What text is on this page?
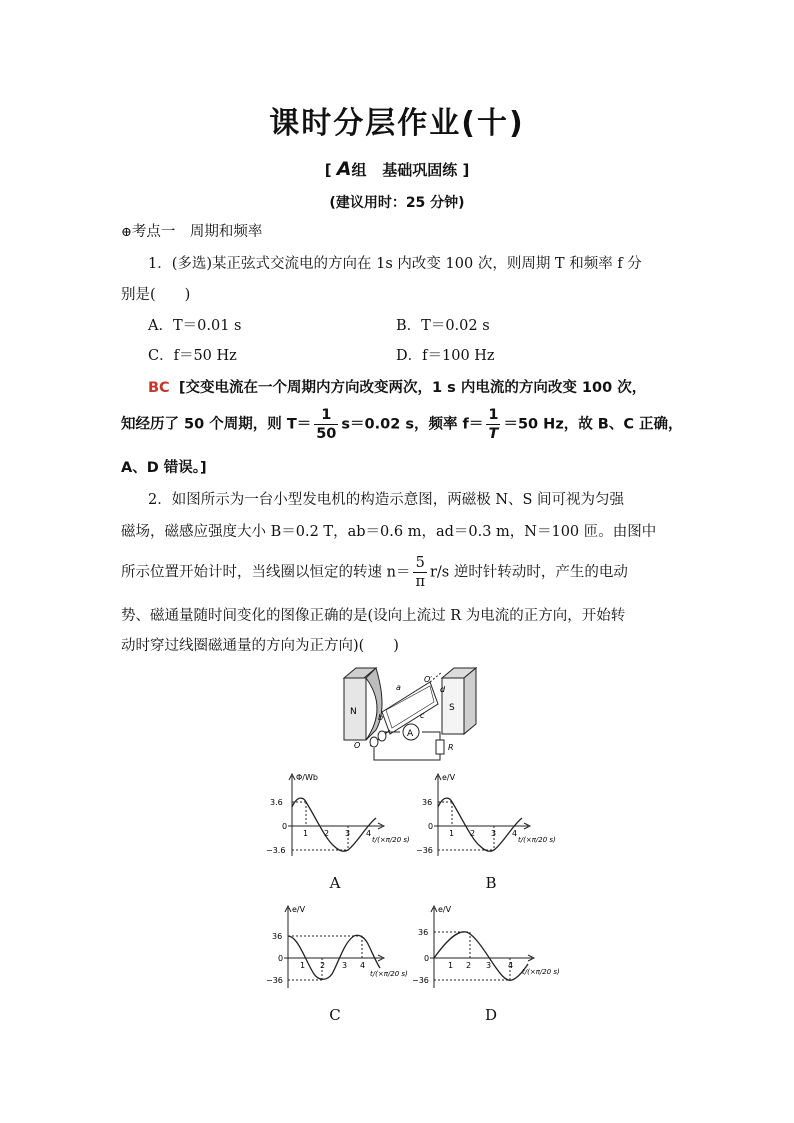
课时分层作业(十)
[ A组 基础巩固练 ]
(建议用时：25 分钟)
⊕考点一　周期和频率
1．(多选)某正弦式交流电的方向在 1s 内改变 100 次，则周期 T 和频率 f 分
别是(　　)
A．T＝0.01 s	B．T＝0.02 s
C．f＝50 Hz	D．f＝100 Hz
BC [交变电流在一个周期内方向改变两次，1 s 内电流的方向改变 100 次，
知经历了 50 个周期，则 $T= \frac{1}{50} s=0.02$ s，频率 $f= \frac{1}{T} =50$ Hz，故 B、C 正确，
A、D 错误。]
2．如图所示为一台小型发电机的构造示意图，两磁极 N、S 间可视为匀强
磁场，磁感应强度大小 B＝0.2 T，ab＝0.6 m，ad＝0.3 m，N＝100 匝。由图中
所示位置开始计时，当线圈以恒定的转速 $n= \frac{5}{\pi} r/s$ 逆时针转动时，产生的电动
势、磁通量随时间变化的图像正确的是(设向上流过 R 为电流的正方向，开始转
动时穿过线圈磁通量的方向为正方向)(　　)
N	S
a
b	c
d
O′
O
A
R
Φ/Wb
3.6
−3.6
0
1 2 3 4
t/(×π/20 s)
A
e/V
36
−36
0
1 2 3 4
t/(×π/20 s)
B
e/V
36
−36
0
1 2 3 4
t/(×π/20 s)
C
e/V
36
−36
0
1 2 3 4
t/(×π/20 s)
D
